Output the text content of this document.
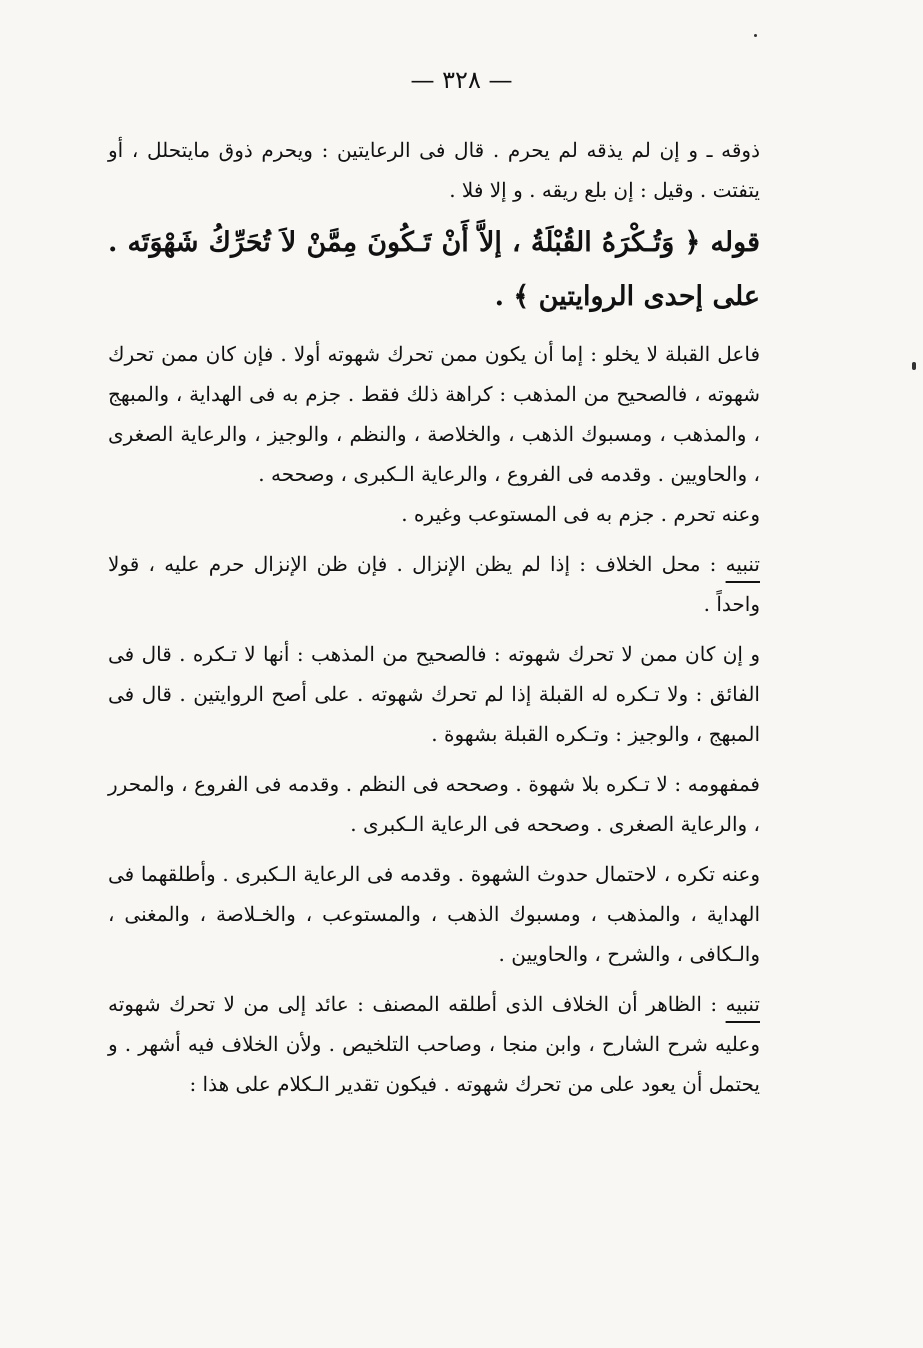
— ٣٢٨ —

ذوقه ـ و إن لم يذقه لم يحرم . قال فى الرعايتين : ويحرم ذوق مايتحلل ، أو يتفتت . وقيل : إن بلع ريقه . و إلا فلا .

قوله ﴿ وَتُـكْرَهُ القُبْلَةُ ، إلاَّ أَنْ تَـكُونَ مِمَّنْ لاَ تُحَرِّكُ شَهْوَتَه . على إحدى الروايتين ﴾ .

فاعل القبلة لا يخلو : إما أن يكون ممن تحرك شهوته أولا . فإن كان ممن تحرك شهوته ، فالصحيح من المذهب : كراهة ذلك فقط . جزم به فى الهداية ، والمبهج ، والمذهب ، ومسبوك الذهب ، والخلاصة ، والنظم ، والوجيز ، والرعاية الصغرى ، والحاويين . وقدمه فى الفروع ، والرعاية الـكبرى ، وصححه .

وعنه تحرم . جزم به فى المستوعب وغيره .

تنبيه : محل الخلاف : إذا لم يظن الإنزال . فإن ظن الإنزال حرم عليه ، قولا واحداً .

و إن كان ممن لا تحرك شهوته : فالصحيح من المذهب : أنها لا تـكره . قال فى الفائق : ولا تـكره له القبلة إذا لم تحرك شهوته . على أصح الروايتين . قال فى المبهج ، والوجيز : وتـكره القبلة بشهوة .

فمفهومه : لا تـكره بلا شهوة . وصححه فى النظم . وقدمه فى الفروع ، والمحرر ، والرعاية الصغرى . وصححه فى الرعاية الـكبرى .

وعنه تكره ، لاحتمال حدوث الشهوة . وقدمه فى الرعاية الـكبرى . وأطلقهما فى الهداية ، والمذهب ، ومسبوك الذهب ، والمستوعب ، والخـلاصة ، والمغنى ، والـكافى ، والشرح ، والحاويين .

تنبيه : الظاهر أن الخلاف الذى أطلقه المصنف : عائد إلى من لا تحرك شهوته وعليه شرح الشارح ، وابن منجا ، وصاحب التلخيص . ولأن الخلاف فيه أشهر . و يحتمل أن يعود على من تحرك شهوته . فيكون تقدير الـكلام على هذا :
